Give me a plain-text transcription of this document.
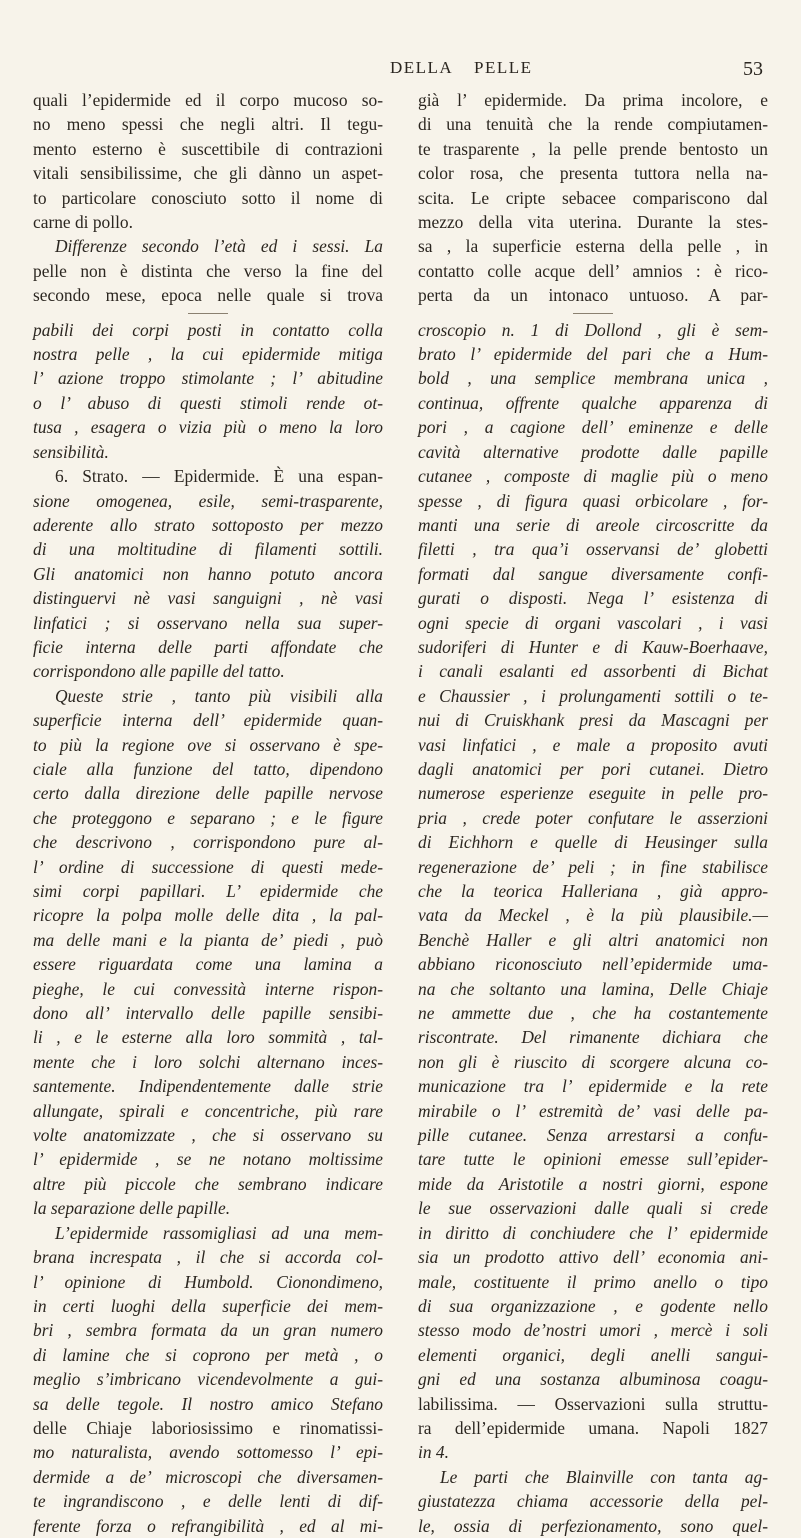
DELLA PELLE	53

quali l’epidermide ed il corpo mucoso so-

no meno spessi che negli altri. Il tegu-

mento esterno è suscettibile di contrazioni

vitali sensibilissime, che gli dànno un aspet-

to particolare conosciuto sotto il nome di

carne di pollo.

Differenze secondo l’età ed i sessi. La

pelle non è distinta che verso la fine del

secondo mese, epoca nelle quale si trova

pabili dei corpi posti in contatto colla

nostra pelle , la cui epidermide mitiga

l’ azione troppo stimolante ; l’ abitudine

o l’ abuso di questi stimoli rende ot-

tusa , esagera o vizia più o meno la loro

sensibilità.

6. Strato. — Epidermide. È una espan-

sione omogenea, esile, semi-trasparente,

aderente allo strato sottoposto per mezzo

di una moltitudine di filamenti sottili.

Gli anatomici non hanno potuto ancora

distinguervi nè vasi sanguigni , nè vasi

linfatici ; si osservano nella sua super-

ficie interna delle parti affondate che

corrispondono alle papille del tatto.

Queste strie , tanto più visibili alla

superficie interna dell’ epidermide quan-

to più la regione ove si osservano è spe-

ciale alla funzione del tatto, dipendono

certo dalla direzione delle papille nervose

che proteggono e separano ; e le figure

che descrivono , corrispondono pure al-

l’ ordine di successione di questi mede-

simi corpi papillari. L’ epidermide che

ricopre la polpa molle delle dita , la pal-

ma delle mani e la pianta de’ piedi , può

essere riguardata come una lamina a

pieghe, le cui convessità interne rispon-

dono all’ intervallo delle papille sensibi-

li , e le esterne alla loro sommità , tal-

mente che i loro solchi alternano inces-

santemente. Indipendentemente dalle strie

allungate, spirali e concentriche, più rare

volte anatomizzate , che si osservano su

l’ epidermide , se ne notano moltissime

altre più piccole che sembrano indicare

la separazione delle papille.

L’epidermide rassomigliasi ad una mem-

brana increspata , il che si accorda col-

l’ opinione di Humbold. Cionondimeno,

in certi luoghi della superficie dei mem-

bri , sembra formata da un gran numero

di lamine che si coprono per metà , o

meglio s’imbricano vicendevolmente a gui-

sa delle tegole. Il nostro amico Stefano

delle Chiaje laboriosissimo e rinomatissi-

mo naturalista, avendo sottomesso l’ epi-

dermide a de’ microscopi che diversamen-

te ingrandiscono , e delle lenti di dif-

ferente forza o refrangibilità , ed al mi-

già l’ epidermide. Da prima incolore, e

di una tenuità che la rende compiutamen-

te trasparente , la pelle prende bentosto un

color rosa, che presenta tuttora nella na-

scita. Le cripte sebacee compariscono dal

mezzo della vita uterina. Durante la stes-

sa , la superficie esterna della pelle , in

contatto colle acque dell’ amnios : è rico-

perta da un intonaco untuoso. A par-

croscopio n. 1 di Dollond , gli è sem-

brato l’ epidermide del pari che a Hum-

bold , una semplice membrana unica ,

continua, offrente qualche apparenza di

pori , a cagione dell’ eminenze e delle

cavità alternative prodotte dalle papille

cutanee , composte di maglie più o meno

spesse , di figura quasi orbicolare , for-

manti una serie di areole circoscritte da

filetti , tra qua’i osservansi de’ globetti

formati dal sangue diversamente confi-

gurati o disposti. Nega l’ esistenza di

ogni specie di organi vascolari , i vasi

sudoriferi di Hunter e di Kauw-Boerhaave,

i canali esalanti ed assorbenti di Bichat

e Chaussier , i prolungamenti sottili o te-

nui di Cruiskhank presi da Mascagni per

vasi linfatici , e male a proposito avuti

dagli anatomici per pori cutanei. Dietro

numerose esperienze eseguite in pelle pro-

pria , crede poter confutare le asserzioni

di Eichhorn e quelle di Heusinger sulla

regenerazione de’ peli ; in fine stabilisce

che la teorica Halleriana , già appro-

vata da Meckel , è la più plausibile.—

Benchè Haller e gli altri anatomici non

abbiano riconosciuto nell’epidermide uma-

na che soltanto una lamina, Delle Chiaje

ne ammette due , che ha costantemente

riscontrate. Del rimanente dichiara che

non gli è riuscito di scorgere alcuna co-

municazione tra l’ epidermide e la rete

mirabile o l’ estremità de’ vasi delle pa-

pille cutanee. Senza arrestarsi a confu-

tare tutte le opinioni emesse sull’epider-

mide da Aristotile a nostri giorni, espone

le sue osservazioni dalle quali si crede

in diritto di conchiudere che l’ epidermide

sia un prodotto attivo dell’ economia ani-

male, costituente il primo anello o tipo

di sua organizzazione , e godente nello

stesso modo de’nostri umori , mercè i soli

elementi organici, degli anelli sangui-

gni ed una sostanza albuminosa coagu-

labilissima. — Osservazioni sulla struttu-

ra dell’epidermide umana. Napoli 1827

in 4.

Le parti che Blainville con tanta ag-

giustatezza chiama accessorie della pel-

le, ossia di perfezionamento, sono quel-
